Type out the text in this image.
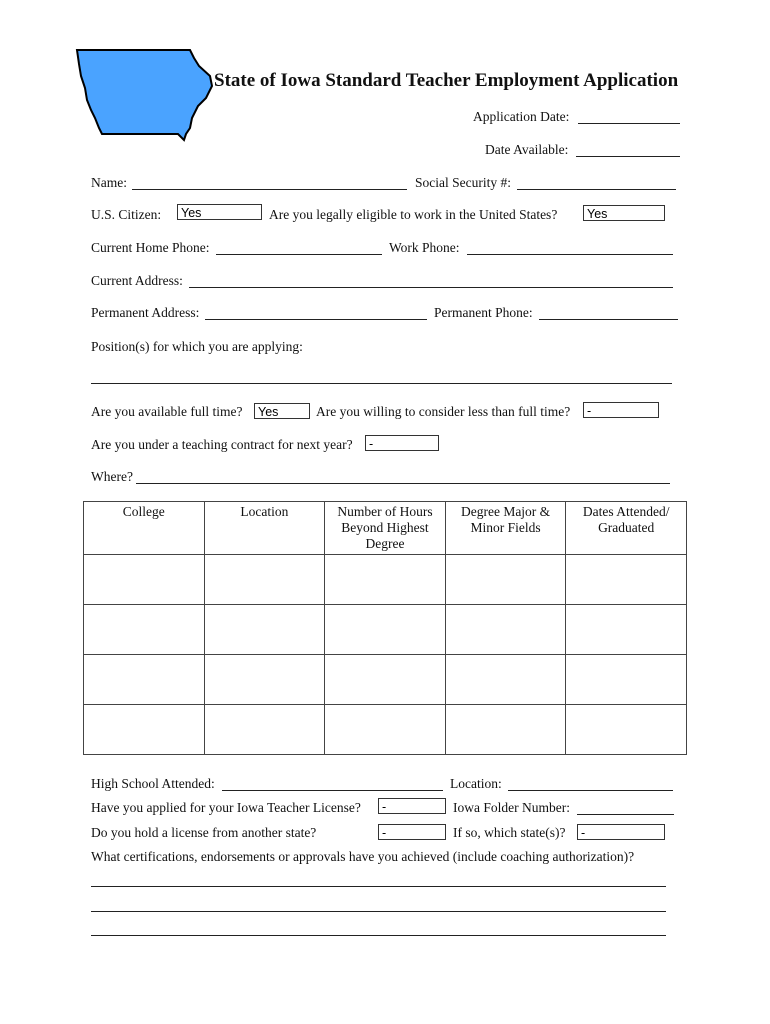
State of Iowa Standard Teacher Employment Application
Application Date:
Date Available:
Name:	Social Security #:
U.S. Citizen:	Yes	Are you legally eligible to work in the United States?	Yes
Current Home Phone:	Work Phone:
Current Address:
Permanent Address:	Permanent Phone:
Position(s) for which you are applying:
Are you available full time?	Yes	Are you willing to consider less than full time?	-
Are you under a teaching contract for next year?	-
Where?
College	Location	Number of Hours Beyond Highest Degree	Degree Major & Minor Fields	Dates Attended/ Graduated

High School Attended:	Location:
Have you applied for your Iowa Teacher License?	-	Iowa Folder Number:
Do you hold a license from another state?	-	If so, which state(s)?	-
What certifications, endorsements or approvals have you achieved (include coaching authorization)?
